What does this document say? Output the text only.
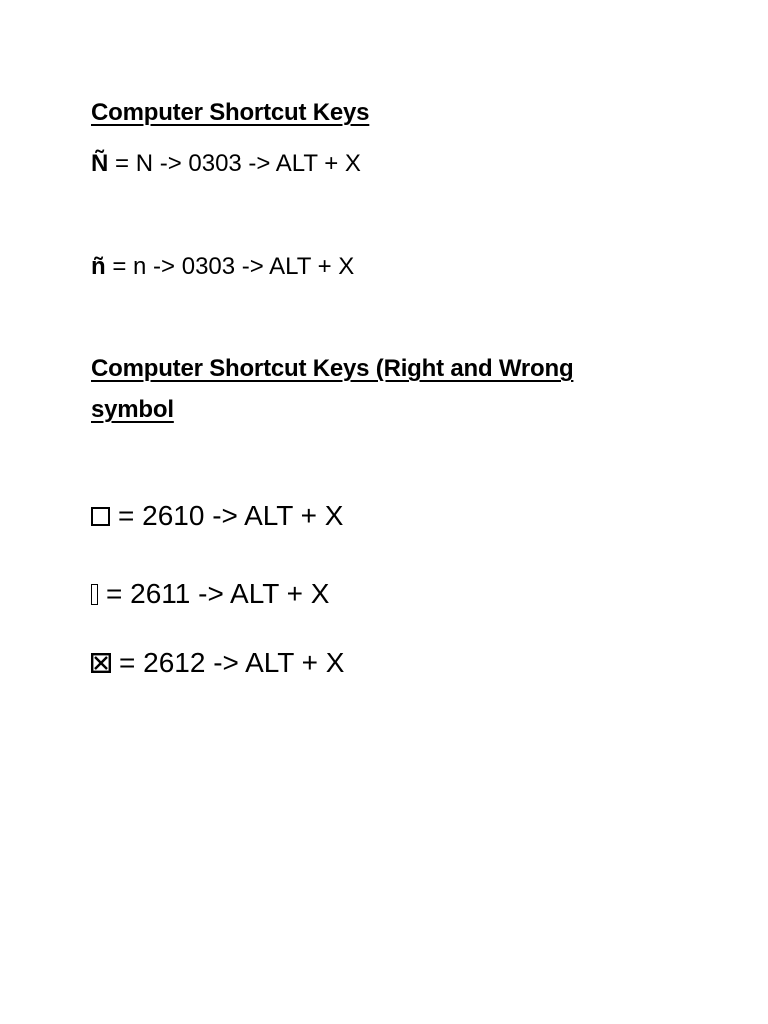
Computer Shortcut Keys
Ñ = N -> 0303 -> ALT + X
ñ = n -> 0303 -> ALT + X
Computer Shortcut Keys (Right and Wrong
symbol
= 2610 -> ALT + X
= 2611 -> ALT + X
= 2612 -> ALT + X
